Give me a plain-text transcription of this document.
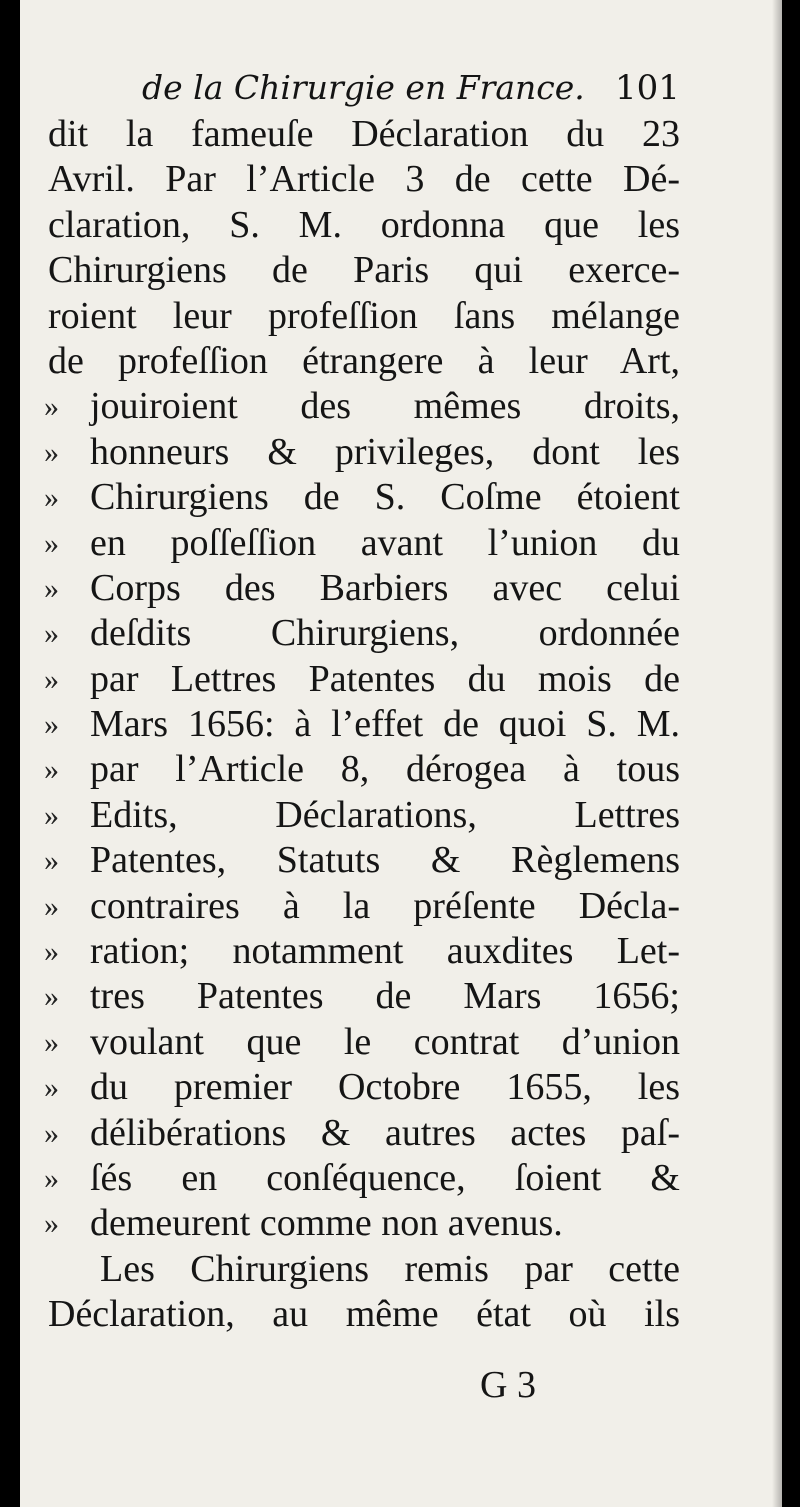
de la Chirurgie en France. 101
dit la fameuſe Déclaration du 23
Avril. Par l’Article 3 de cette Dé-
claration, S. M. ordonna que les
Chirurgiens de Paris qui exerce-
roient leur profeſſion ſans mélange
de profeſſion étrangere à leur Art,
» jouiroient des mêmes droits,
» honneurs & privileges, dont les
» Chirurgiens de S. Coſme étoient
» en poſſeſſion avant l’union du
» Corps des Barbiers avec celui
» deſdits Chirurgiens, ordonnée
» par Lettres Patentes du mois de
» Mars 1656: à l’effet de quoi S. M.
» par l’Article 8, dérogea à tous
» Edits, Déclarations, Lettres
» Patentes, Statuts & Règlemens
» contraires à la préſente Décla-
» ration; notamment auxdites Let-
» tres Patentes de Mars 1656;
» voulant que le contrat d’union
» du premier Octobre 1655, les
» délibérations & autres actes paſ-
» ſés en conſéquence, ſoient &
» demeurent comme non avenus.
Les Chirurgiens remis par cette
Déclaration, au même état où ils
G 3
